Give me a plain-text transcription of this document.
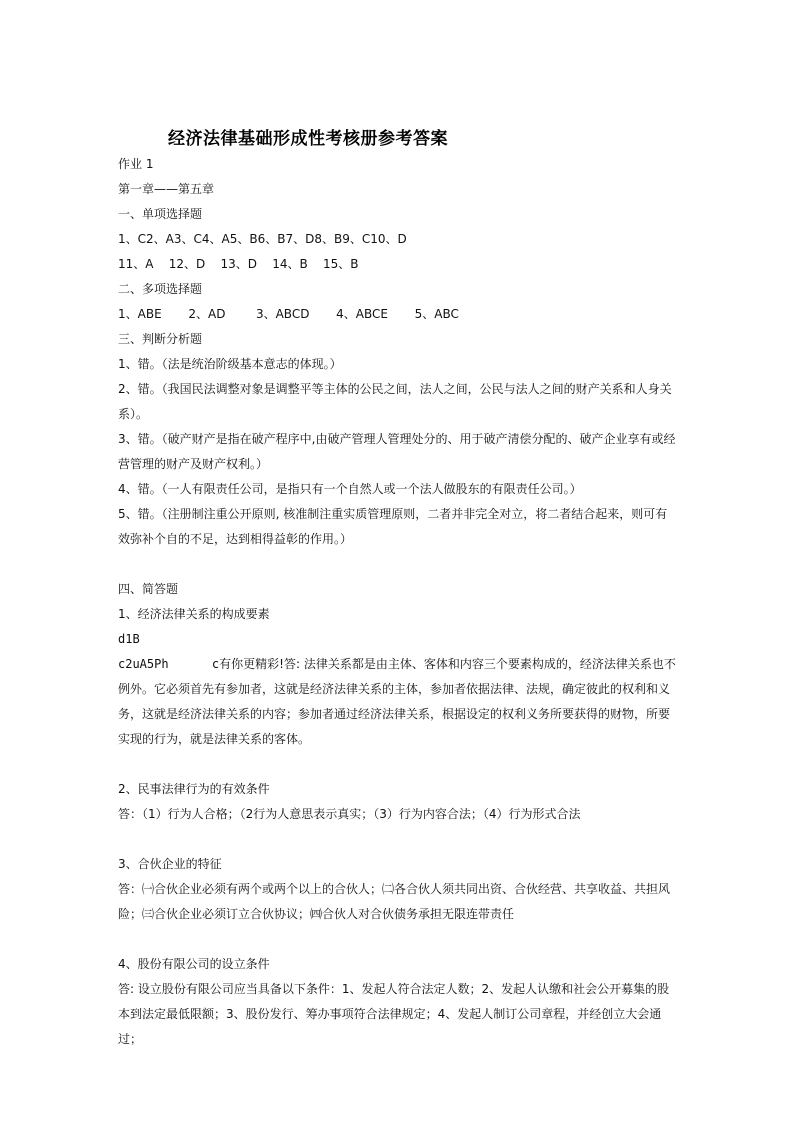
经济法律基础形成性考核册参考答案
作业 1
第一章——第五章
一、单项选择题
1、C2、A3、C4、A5、B6、B7、D8、B9、C10、D
11、A    12、D    13、D    14、B    15、B
二、多项选择题
1、ABE       2、AD        3、ABCD       4、ABCE       5、ABC
三、判断分析题
1、错。（法是统治阶级基本意志的体现。）
2、错。（我国民法调整对象是调整平等主体的公民之间，法人之间，公民与法人之间的财产关系和人身关系）。
3、错。（破产财产是指在破产程序中,由破产管理人管理处分的、用于破产清偿分配的、破产企业享有或经营管理的财产及财产权利。）
4、错。（一人有限责任公司，是指只有一个自然人或一个法人做股东的有限责任公司。）
5、错。（注册制注重公开原则, 核准制注重实质管理原则，二者并非完全对立，将二者结合起来，则可有效弥补个自的不足，达到相得益彰的作用。）
四、简答题
1、经济法律关系的构成要素
d1B
c2uA5Ph      c有你更精彩!答: 法律关系都是由主体、客体和内容三个要素构成的，经济法律关系也不例外。它必须首先有参加者，这就是经济法律关系的主体，参加者依据法律、法规，确定彼此的权利和义务，这就是经济法律关系的内容；参加者通过经济法律关系，根据设定的权利义务所要获得的财物，所要实现的行为，就是法律关系的客体。
2、民事法律行为的有效条件
答：（1）行为人合格；（2行为人意思表示真实；（3）行为内容合法；（4）行为形式合法
3、合伙企业的特征
答：㈠合伙企业必须有两个或两个以上的合伙人；㈡各合伙人须共同出资、合伙经营、共享收益、共担风险；㈢合伙企业必须订立合伙协议；㈣合伙人对合伙债务承担无限连带责任
4、股份有限公司的设立条件
答: 设立股份有限公司应当具备以下条件：1、发起人符合法定人数；2、发起人认缴和社会公开募集的股本到法定最低限额；3、股份发行、筹办事项符合法律规定；4、发起人制订公司章程，并经创立大会通过；
